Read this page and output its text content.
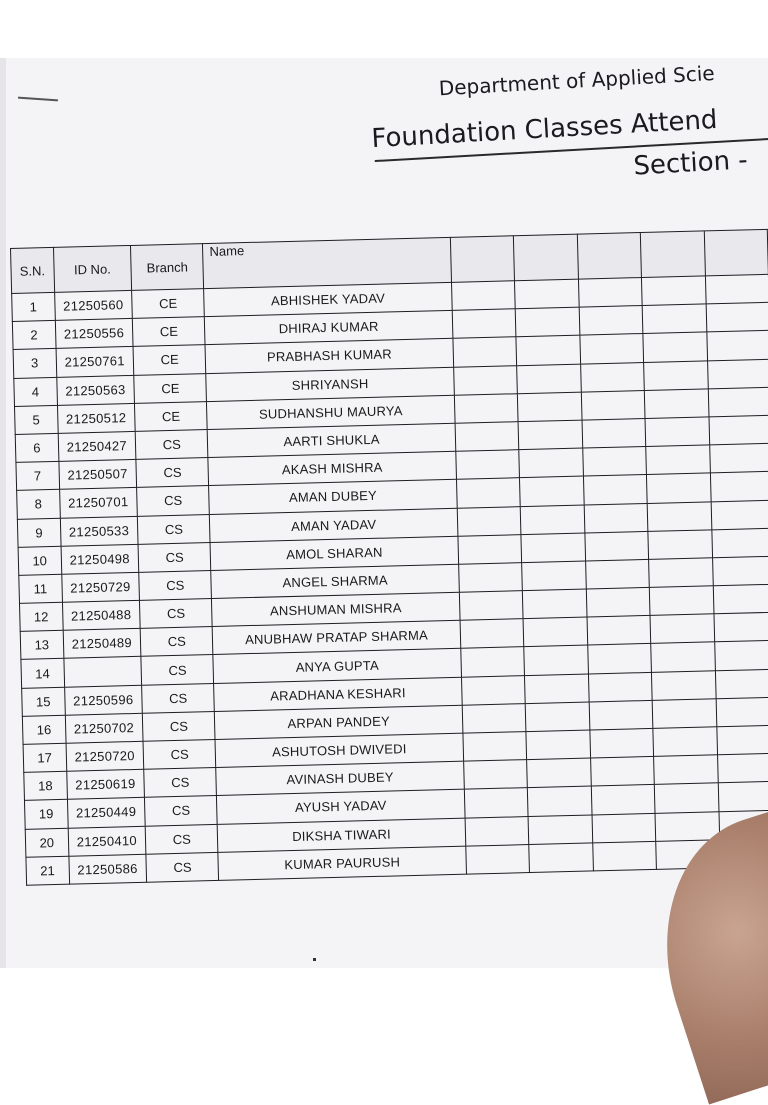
Department of Applied Scie
Foundation Classes Attend
Section -
S.N.	ID No.	Branch	Name					
1	21250560	CE	ABHISHEK YADAV					
2	21250556	CE	DHIRAJ KUMAR					
3	21250761	CE	PRABHASH KUMAR					
4	21250563	CE	SHRIYANSH					
5	21250512	CE	SUDHANSHU MAURYA					
6	21250427	CS	AARTI SHUKLA					
7	21250507	CS	AKASH MISHRA					
8	21250701	CS	AMAN DUBEY					
9	21250533	CS	AMAN YADAV					
10	21250498	CS	AMOL SHARAN					
11	21250729	CS	ANGEL SHARMA					
12	21250488	CS	ANSHUMAN MISHRA					
13	21250489	CS	ANUBHAW PRATAP SHARMA					
14		CS	ANYA GUPTA					
15	21250596	CS	ARADHANA KESHARI					
16	21250702	CS	ARPAN PANDEY					
17	21250720	CS	ASHUTOSH DWIVEDI					
18	21250619	CS	AVINASH DUBEY					
19	21250449	CS	AYUSH YADAV					
20	21250410	CS	DIKSHA TIWARI					
21	21250586	CS	KUMAR PAURUSH					
